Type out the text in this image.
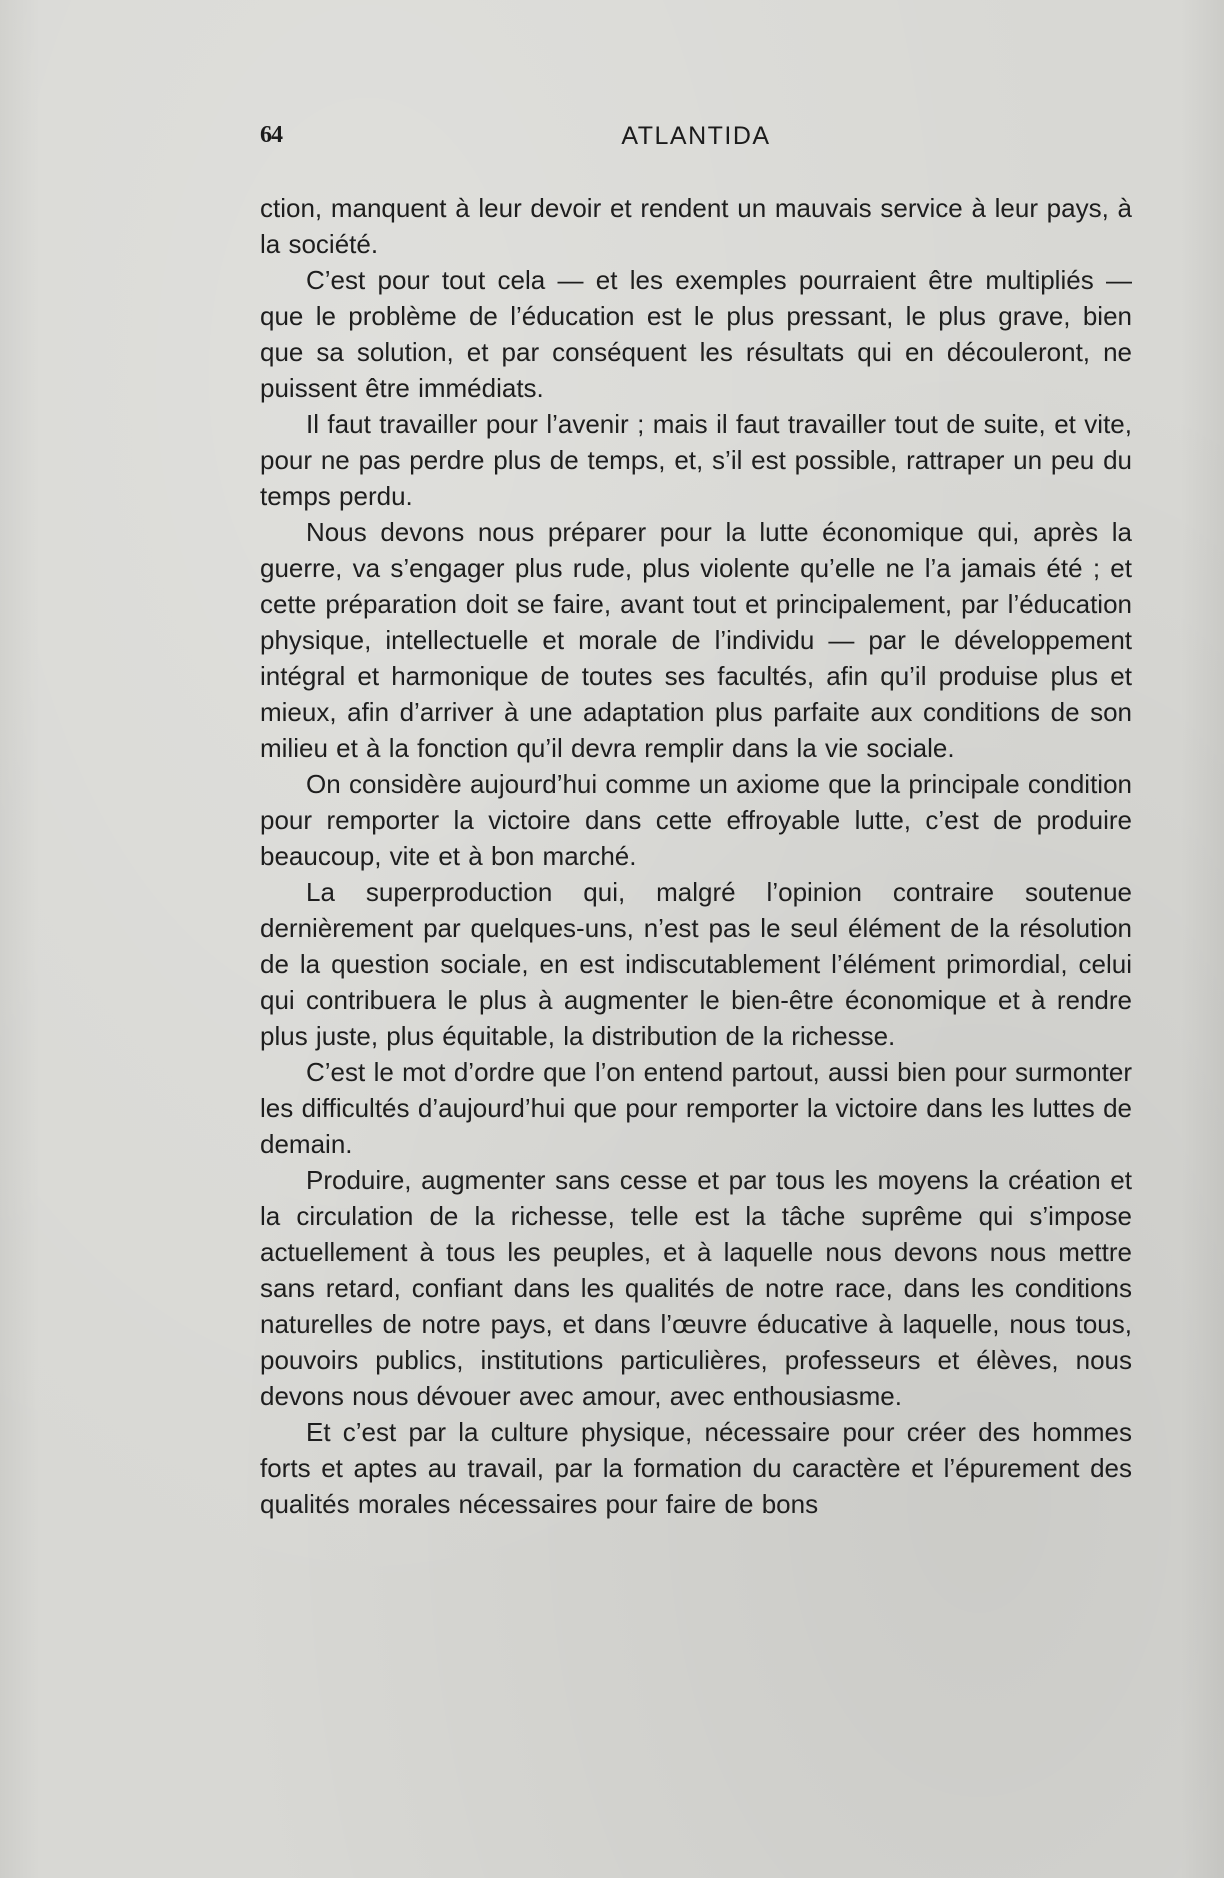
64	ATLANTIDA

ction, manquent à leur devoir et rendent un mauvais service à leur pays, à la société.

C’est pour tout cela — et les exemples pourraient être multipliés — que le problème de l’éducation est le plus pressant, le plus grave, bien que sa solution, et par conséquent les résultats qui en découleront, ne puissent être immédiats.

Il faut travailler pour l’avenir ; mais il faut travailler tout de suite, et vite, pour ne pas perdre plus de temps, et, s’il est possible, rattraper un peu du temps perdu.

Nous devons nous préparer pour la lutte économique qui, après la guerre, va s’engager plus rude, plus violente qu’elle ne l’a jamais été ; et cette préparation doit se faire, avant tout et principalement, par l’éducation physique, intellectuelle et morale de l’individu — par le développement intégral et harmonique de toutes ses facultés, afin qu’il produise plus et mieux, afin d’arriver à une adaptation plus parfaite aux conditions de son milieu et à la fonction qu’il devra remplir dans la vie sociale.

On considère aujourd’hui comme un axiome que la principale condition pour remporter la victoire dans cette effroyable lutte, c’est de produire beaucoup, vite et à bon marché.

La superproduction qui, malgré l’opinion contraire soutenue dernièrement par quelques-uns, n’est pas le seul élément de la résolution de la question sociale, en est indiscutablement l’élément primordial, celui qui contribuera le plus à augmenter le bien-être économique et à rendre plus juste, plus équitable, la distribution de la richesse.

C’est le mot d’ordre que l’on entend partout, aussi bien pour surmonter les difficultés d’aujourd’hui que pour remporter la victoire dans les luttes de demain.

Produire, augmenter sans cesse et par tous les moyens la création et la circulation de la richesse, telle est la tâche suprême qui s’impose actuellement à tous les peuples, et à laquelle nous devons nous mettre sans retard, confiant dans les qualités de notre race, dans les conditions naturelles de notre pays, et dans l’œuvre éducative à laquelle, nous tous, pouvoirs publics, institutions particulières, professeurs et élèves, nous devons nous dévouer avec amour, avec enthousiasme.

Et c’est par la culture physique, nécessaire pour créer des hommes forts et aptes au travail, par la formation du caractère et l’épurement des qualités morales nécessaires pour faire de bons
